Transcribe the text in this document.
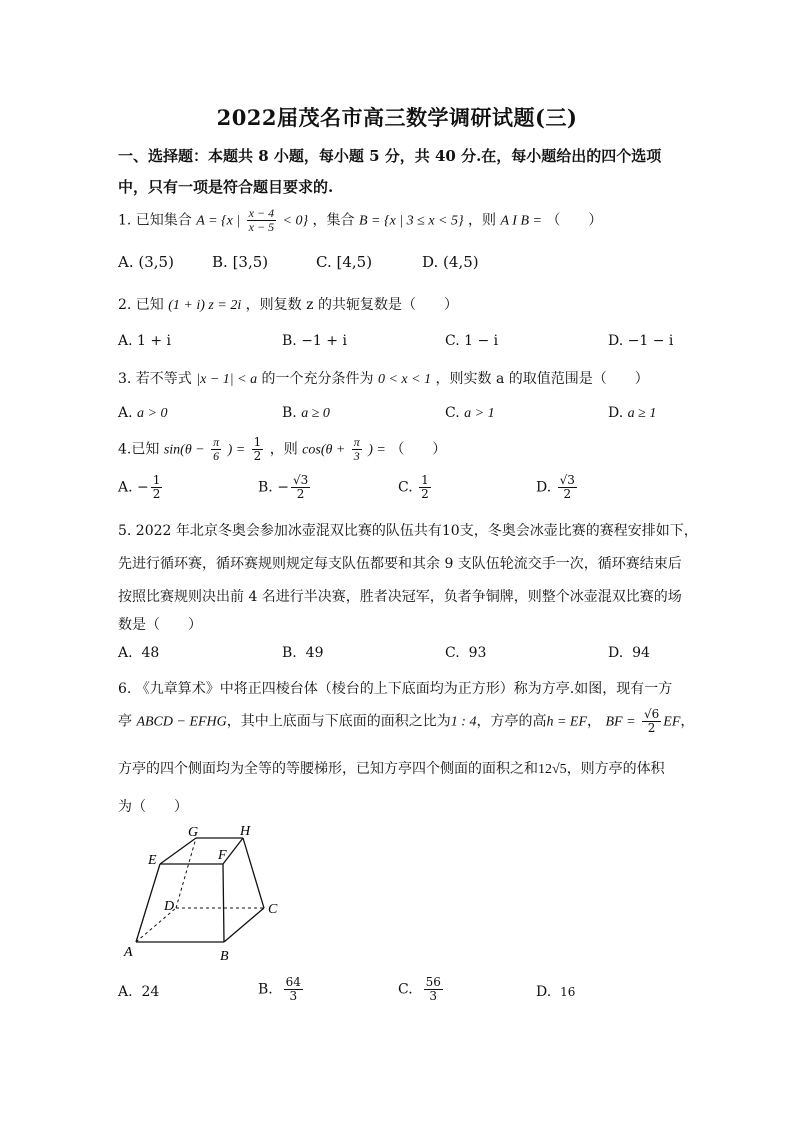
2022届茂名市高三数学调研试题(三)
一、选择题：本题共 8 小题，每小题 5 分，共 40 分.在，每小题给出的四个选项
中，只有一项是符合题目要求的.
1. 已知集合 A = {x | $\frac{x - 4}{x - 5} < 0$} ，集合 B = {x | 3 ≤ x < 5} ，则 A I B = （　　）
A. (3,5)	B. [3,5)	C. [4,5)	D. (4,5)
2. 已知 (1 + i) z = 2i ，则复数 z 的共轭复数是（　　）
A. 1 + i	B. −1 + i	C. 1 − i	D. −1 − i
3. 若不等式 |x − 1| < a 的一个充分条件为 0 < x < 1 ，则实数 a 的取值范围是（　　）
A. a > 0	B. a ≥ 0	C. a > 1	D. a ≥ 1
4.已知 $\sin(\theta - \frac{\pi}{6}$ ) = $\frac{1}{2}$ ，则 $\cos(\theta + \frac{\pi}{3}$ ) = （　　）
A. − $\frac{1}{2}$	B. − $\frac{√3}{2}$	C. $\frac{1}{2}$	D. $\frac{√3}{2}$
5. 2022 年北京冬奥会参加冰壶混双比赛的队伍共有10支，冬奥会冰壶比赛的赛程安排如下，
先进行循环赛，循环赛规则规定每支队伍都要和其余 9 支队伍轮流交手一次，循环赛结束后
按照比赛规则决出前 4 名进行半决赛，胜者决冠军，负者争铜牌，则整个冰壶混双比赛的场
数是（　　）
A. 48	B. 49	C. 93	D. 94
6. 《九章算术》中将正四棱台体（棱台的上下底面均为正方形）称为方亭.如图，现有一方
亭 ABCD − EFHG，其中上底面与下底面的面积之比为1 : 4，方亭的高h = EF， BF = $\frac{√6}{2}$ EF，
方亭的四个侧面均为全等的等腰梯形，已知方亭四个侧面的面积之和12√5，则方亭的体积
为（　　）
G	H
E	F
D	C
A	B
A. 24	B. $\frac{64}{3}$	C. $\frac{56}{3}$	D. 16
